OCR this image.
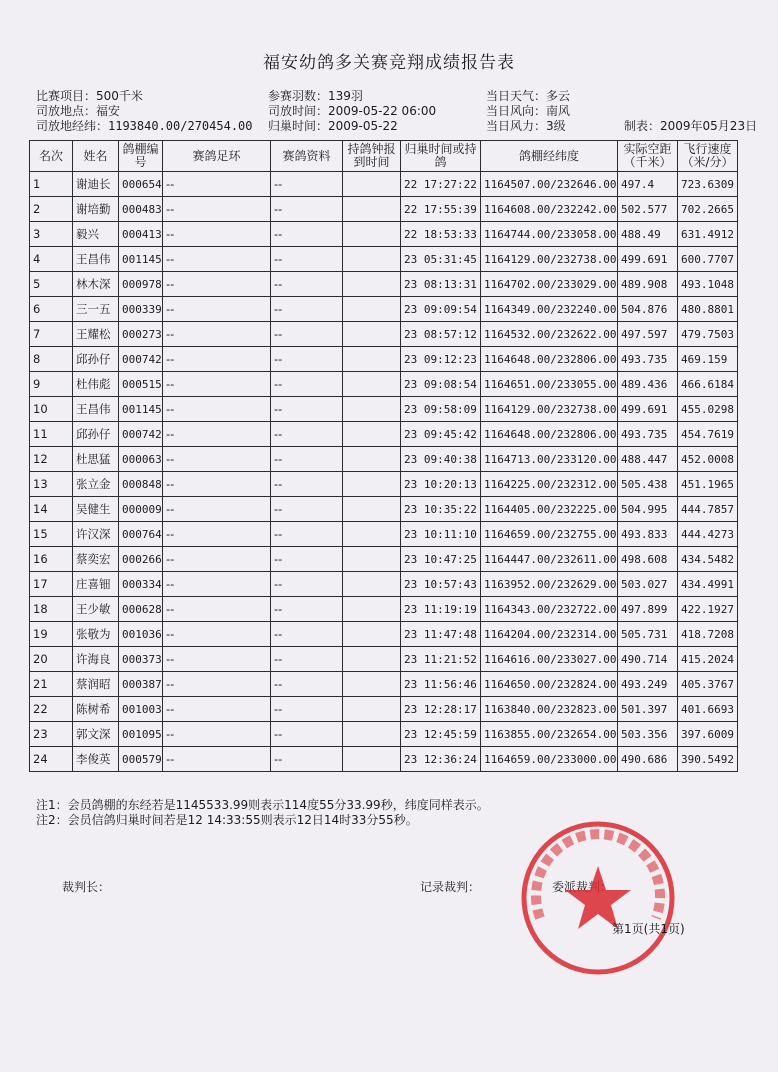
福安幼鸽多关赛竞翔成绩报告表
比赛项目：500千米
司放地点：福安
司放地经纬：1193840.00/270454.00
参赛羽数：139羽
司放时间：2009-05-22 06:00
归巢时间：2009-05-22
当日天气：多云
当日风向：南风
当日风力：3级	制表：2009年05月23日
名次	姓名	鸽棚编号	赛鸽足环	赛鸽资料	持鸽钟报到时间	归巢时间或持鸽	鸽棚经纬度	实际空距（千米）	飞行速度（米/分）
1	谢迪长	000654	--	--		22 17:27:22	1164507.00/232646.00	497.4	723.6309
2	谢培勤	000483	--	--		22 17:55:39	1164608.00/232242.00	502.577	702.2665
3	毅兴	000413	--	--		22 18:53:33	1164744.00/233058.00	488.49	631.4912
4	王昌伟	001145	--	--		23 05:31:45	1164129.00/232738.00	499.691	600.7707
5	林木深	000978	--	--		23 08:13:31	1164702.00/233029.00	489.908	493.1048
6	三一五	000339	--	--		23 09:09:54	1164349.00/232240.00	504.876	480.8801
7	王耀松	000273	--	--		23 08:57:12	1164532.00/232622.00	497.597	479.7503
8	邱孙仔	000742	--	--		23 09:12:23	1164648.00/232806.00	493.735	469.159
9	杜伟彪	000515	--	--		23 09:08:54	1164651.00/233055.00	489.436	466.6184
10	王昌伟	001145	--	--		23 09:58:09	1164129.00/232738.00	499.691	455.0298
11	邱孙仔	000742	--	--		23 09:45:42	1164648.00/232806.00	493.735	454.7619
12	杜思猛	000063	--	--		23 09:40:38	1164713.00/233120.00	488.447	452.0008
13	张立金	000848	--	--		23 10:20:13	1164225.00/232312.00	505.438	451.1965
14	吴健生	000009	--	--		23 10:35:22	1164405.00/232225.00	504.995	444.7857
15	许汉深	000764	--	--		23 10:11:10	1164659.00/232755.00	493.833	444.4273
16	蔡奕宏	000266	--	--		23 10:47:25	1164447.00/232611.00	498.608	434.5482
17	庄喜钿	000334	--	--		23 10:57:43	1163952.00/232629.00	503.027	434.4991
18	王少敏	000628	--	--		23 11:19:19	1164343.00/232722.00	497.899	422.1927
19	张敬为	001036	--	--		23 11:47:48	1164204.00/232314.00	505.731	418.7208
20	许海良	000373	--	--		23 11:21:52	1164616.00/233027.00	490.714	415.2024
21	蔡润昭	000387	--	--		23 11:56:46	1164650.00/232824.00	493.249	405.3767
22	陈树希	001003	--	--		23 12:28:17	1163840.00/232823.00	501.397	401.6693
23	郭文深	001095	--	--		23 12:45:59	1163855.00/232654.00	503.356	397.6009
24	李俊英	000579	--	--		23 12:36:24	1164659.00/233000.00	490.686	390.5492
注1：会员鸽棚的东经若是1145533.99则表示114度55分33.99秒，纬度同样表示。
注2：会员信鸽归巢时间若是12 14:33:55则表示12日14时33分55秒。
裁判长：	记录裁判：	委派裁判：
第1页(共1页)
